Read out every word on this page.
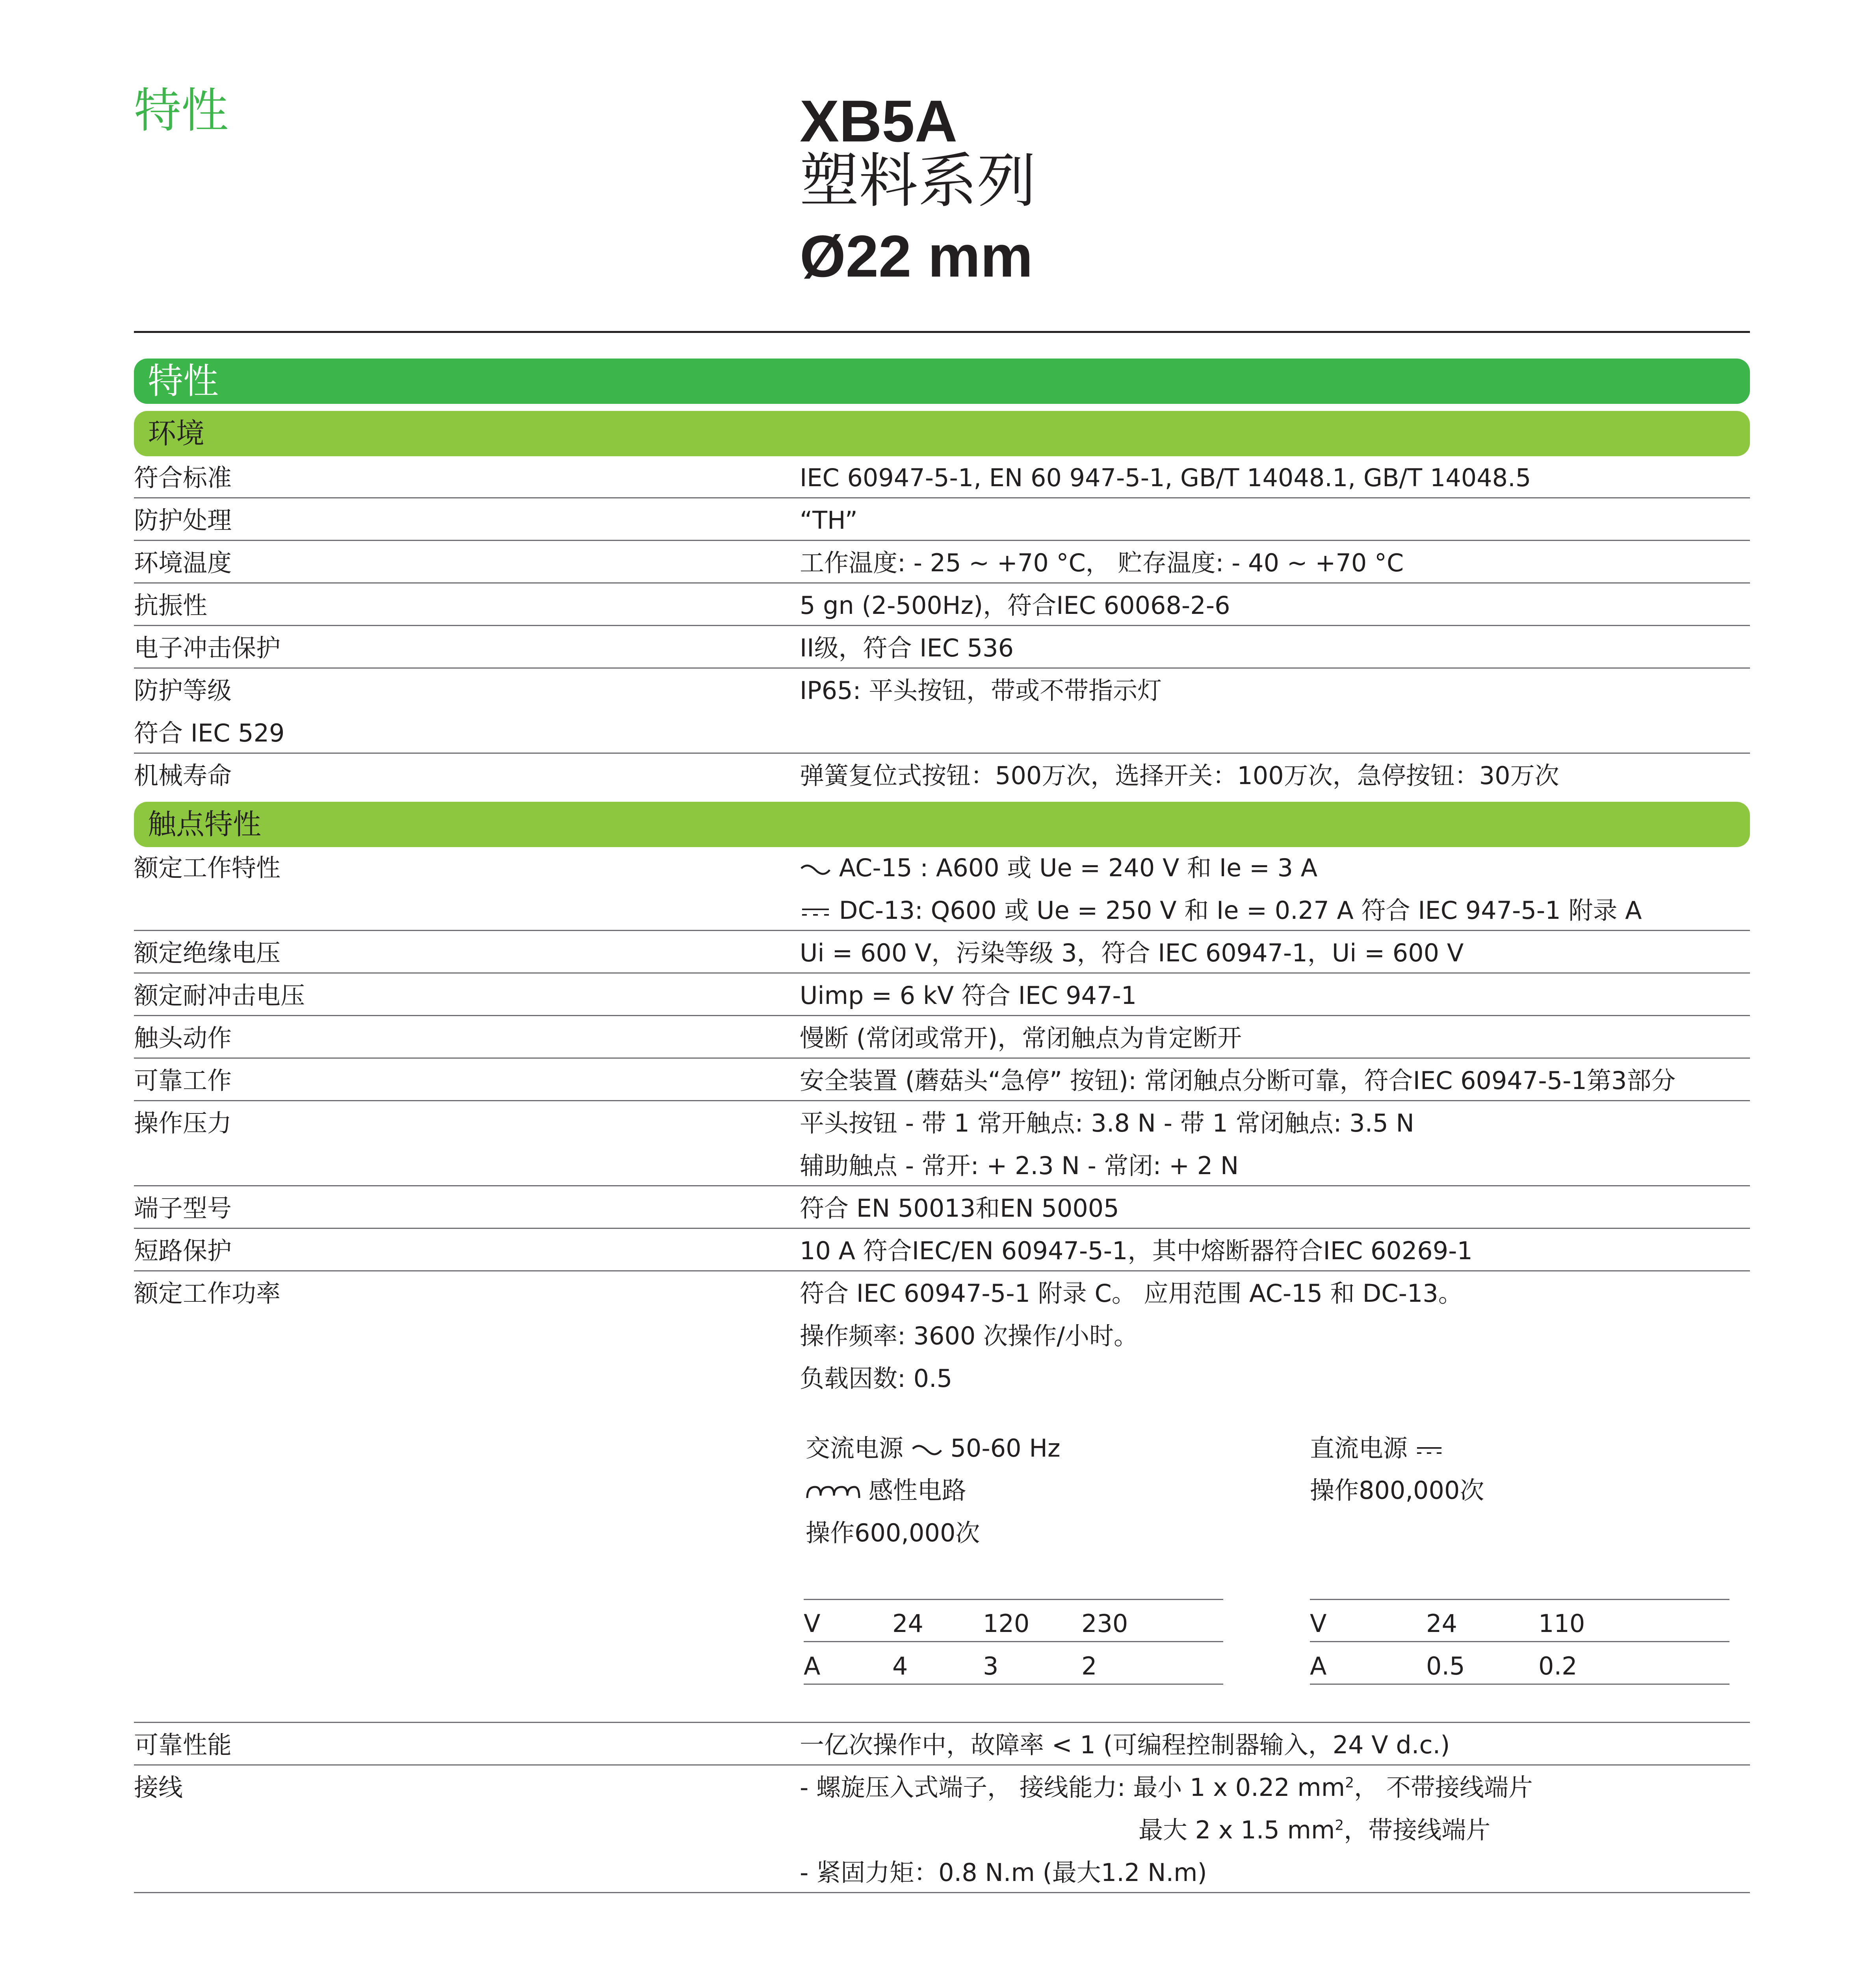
特性	XB5A
塑料系列
Ø22 mm
特性
环境
符合标准	IEC 60947-5-1, EN 60 947-5-1, GB/T 14048.1, GB/T 14048.5
防护处理	“TH”
环境温度	工作温度: - 25 ~ +70 °C， 贮存温度: - 40 ~ +70 °C
抗振性	5 gn (2-500Hz)，符合IEC 60068-2-6
电子冲击保护	II级，符合 IEC 536
防护等级	IP65: 平头按钮，带或不带指示灯
符合 IEC 529
机械寿命	弹簧复位式按钮：500万次，选择开关：100万次，急停按钮：30万次
触点特性
额定工作特性	AC-15 : A600 或 Ue = 240 V 和 Ie = 3 A
DC-13: Q600 或 Ue = 250 V 和 Ie = 0.27 A 符合 IEC 947-5-1 附录 A
额定绝缘电压	Ui = 600 V，污染等级 3，符合 IEC 60947-1，Ui = 600 V
额定耐冲击电压	Uimp = 6 kV 符合 IEC 947-1
触头动作	慢断 (常闭或常开)，常闭触点为肯定断开
可靠工作	安全装置 (蘑菇头“急停” 按钮): 常闭触点分断可靠，符合IEC 60947-5-1第3部分
操作压力	平头按钮 - 带 1 常开触点: 3.8 N - 带 1 常闭触点: 3.5 N
辅助触点 - 常开: + 2.3 N - 常闭: + 2 N
端子型号	符合 EN 50013和EN 50005
短路保护	10 A 符合IEC/EN 60947-5-1，其中熔断器符合IEC 60269-1
额定工作功率	符合 IEC 60947-5-1 附录 C。 应用范围 AC-15 和 DC-13。
操作频率: 3600 次操作/小时。
负载因数: 0.5
交流电源 50-60 Hz
感性电路
操作600,000次
直流电源
操作800,000次
V	24 120 230
A	4	3	2
V	24	110
A	0.5	0.2
可靠性能	一亿次操作中，故障率 < 1 (可编程控制器输入，24 V d.c.)
接线	- 螺旋压入式端子， 接线能力: 最小 1 x 0.22 $mm^2$， 不带接线端片
最大 2 x 1.5 $mm^2$，带接线端片
- 紧固力矩：0.8 N.m (最大1.2 N.m)
